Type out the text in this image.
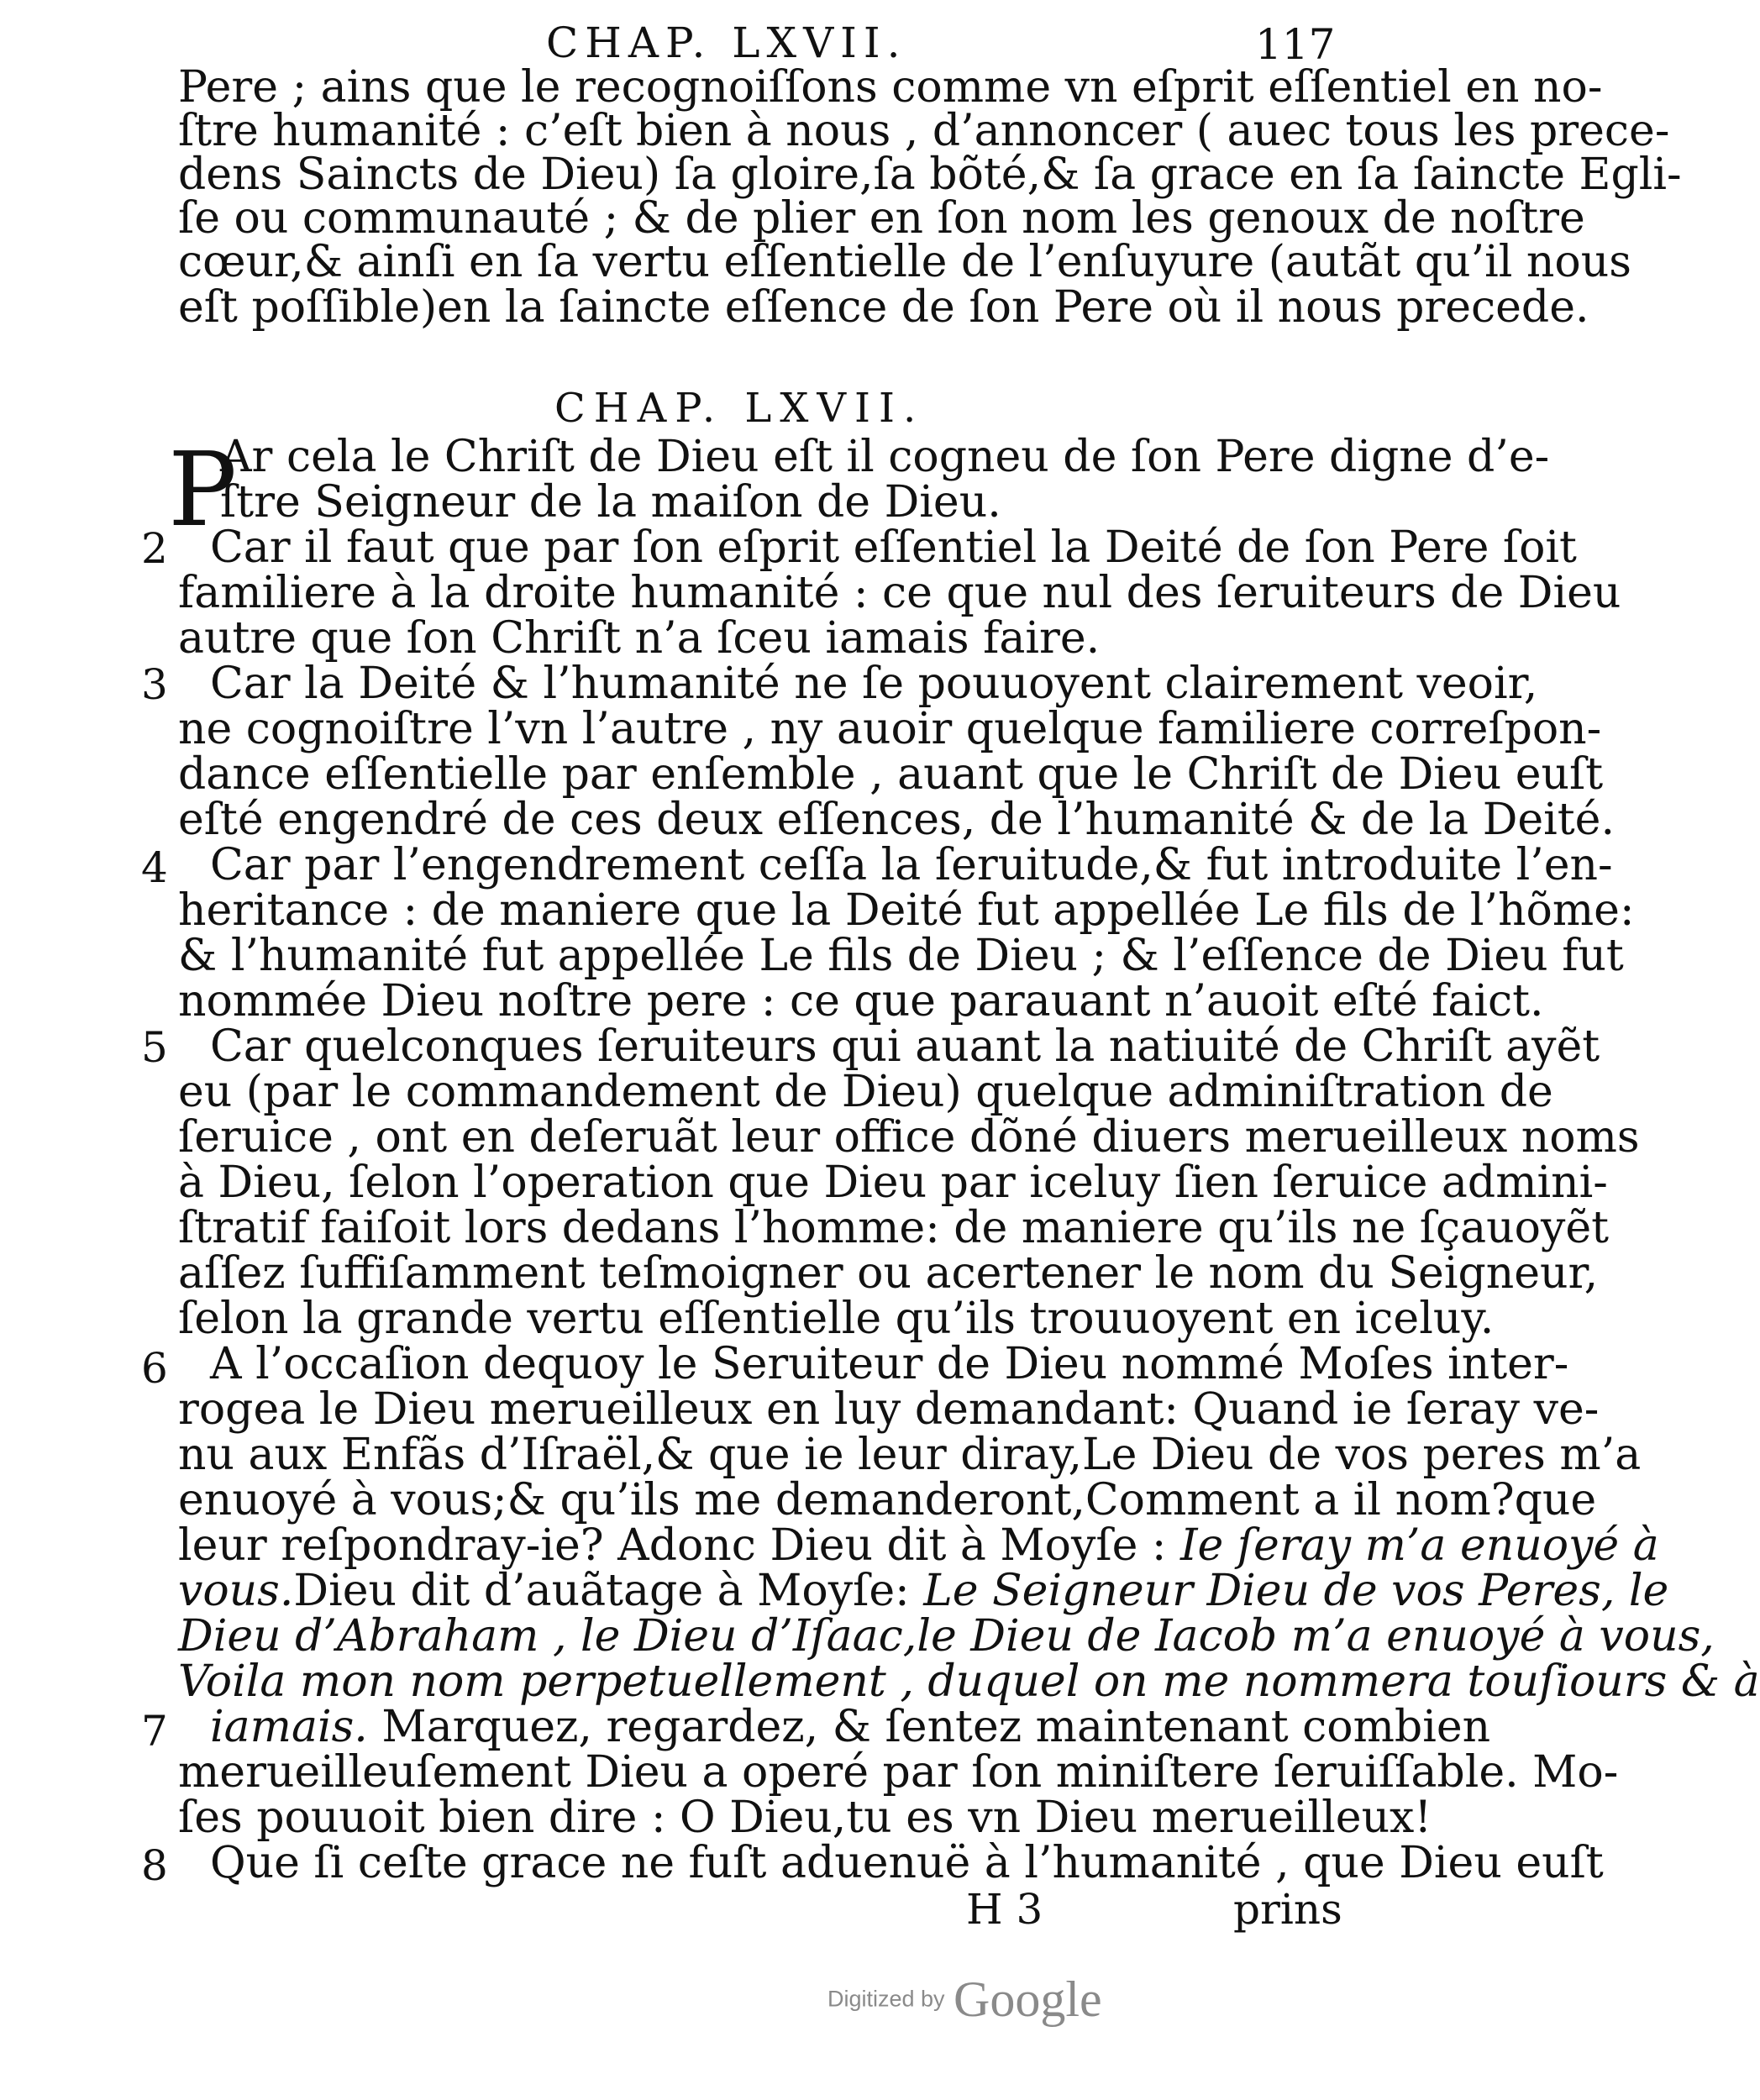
CHAP. LXVII.	117
Pere ; ains que le recognoiſſons comme vn eſprit eſſentiel en no-
ſtre humanité : c’eſt bien à nous , d’annoncer ( auec tous les prece-
dens Saincts de Dieu) ſa gloire,ſa bõté,& ſa grace en ſa ſaincte Egli-
ſe ou communauté ; & de plier en ſon nom les genoux de noſtre
cœur,& ainſi en ſa vertu eſſentielle de l’enſuyure (autãt qu’il nous
eſt poſſible)en la ſaincte eſſence de ſon Pere où il nous precede.
CHAP. LXVII.
P
Ar cela le Chriſt de Dieu eſt il cogneu de ſon Pere digne d’e-
ſtre Seigneur de la maiſon de Dieu.
2 Car il faut que par ſon eſprit eſſentiel la Deité de ſon Pere ſoit
familiere à la droite humanité : ce que nul des ſeruiteurs de Dieu
autre que ſon Chriſt n’a ſceu iamais faire.
3 Car la Deité & l’humanité ne ſe pouuoyent clairement veoir,
ne cognoiſtre l’vn l’autre , ny auoir quelque familiere correſpon-
dance eſſentielle par enſemble , auant que le Chriſt de Dieu euſt
eſté engendré de ces deux eſſences, de l’humanité & de la Deité.
4 Car par l’engendrement ceſſa la ſeruitude,& fut introduite l’en-
heritance : de maniere que la Deité fut appellée Le fils de l’hõme:
& l’humanité fut appellée Le fils de Dieu ; & l’eſſence de Dieu fut
nommée Dieu noſtre pere : ce que parauant n’auoit eſté faict.
5 Car quelconques ſeruiteurs qui auant la natiuité de Chriſt ayẽt
eu (par le commandement de Dieu) quelque adminiſtration de
ſeruice , ont en deſeruãt leur office dõné diuers merueilleux noms
à Dieu, ſelon l’operation que Dieu par iceluy ſien ſeruice admini-
ſtratif faiſoit lors dedans l’homme: de maniere qu’ils ne ſçauoyẽt
aſſez ſuffiſamment teſmoigner ou acertener le nom du Seigneur,
ſelon la grande vertu eſſentielle qu’ils trouuoyent en iceluy.
6 A l’occaſion dequoy le Seruiteur de Dieu nommé Moſes inter-
rogea le Dieu merueilleux en luy demandant: Quand ie ſeray ve-
nu aux Enfãs d’Iſraël,& que ie leur diray,Le Dieu de vos peres m’a
enuoyé à vous;& qu’ils me demanderont,Comment a il nom?que
leur reſpondray-ie? Adonc Dieu dit à Moyſe : Ie ſeray m’a enuoyé à
vous.Dieu dit d’auãtage à Moyſe: Le Seigneur Dieu de vos Peres, le
Dieu d’Abraham , le Dieu d’Iſaac,le Dieu de Iacob m’a enuoyé à vous,
Voila mon nom perpetuellement , duquel on me nommera touſiours & à
7 iamais. Marquez, regardez, & ſentez maintenant combien
merueilleuſement Dieu a operé par ſon miniſtere ſeruiſſable. Mo-
H 3	prins
Digitized by Google
ſes pouuoit bien dire : O Dieu,tu es vn Dieu merueilleux!
8 Que ſi ceſte grace ne fuſt aduenuë à l’humanité , que Dieu euſt
